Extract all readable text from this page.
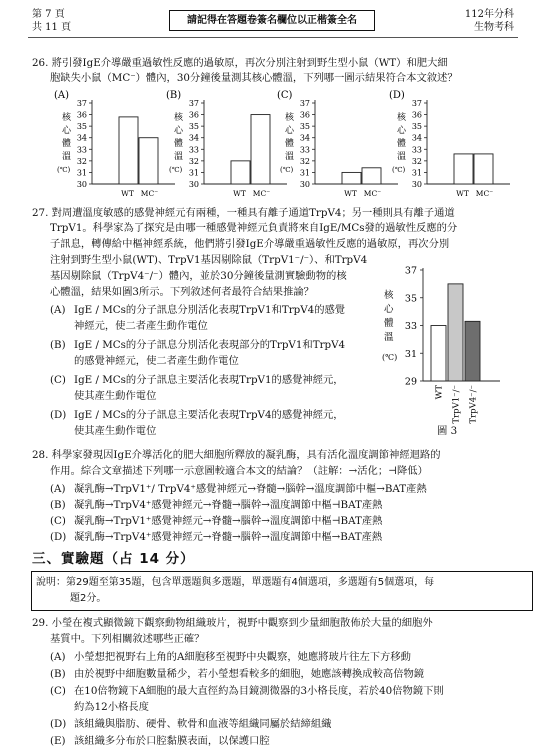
第 7 頁
共 11 頁
請記得在答題卷簽名欄位以正楷簽全名
112年分科
生物考科
26. 將引發IgE介導嚴重過敏性反應的過敏原，再次分別注射到野生型小鼠（WT）和肥大細
胞缺失小鼠（MC⁻）體內，30分鐘後量測其核心體溫，下列哪一圖示結果符合本文敘述？
(A)
核
心
體
溫
(℃)
30
31
32
33
34
35
36
37
WT MC⁻
(B)
核
心
體
溫
(℃)
30
31
32
33
34
35
36
37
WT MC⁻
(C)
核
心
體
溫
(℃)
30
31
32
33
34
35
36
37
WT MC⁻
(D)
核
心
體
溫
(℃)
30
31
32
33
34
35
36
37
WT MC⁻
27. 對周遭溫度敏感的感覺神經元有兩種，一種具有離子通道TrpV4；另一種則具有離子通道
TrpV1。科學家為了探究是由哪一種感覺神經元負責將來自IgE/MCs發的過敏性反應的分
子訊息，轉傳給中樞神經系統，他們將引發IgE介導嚴重過敏性反應的過敏原，再次分別
注射到野生型小鼠(WT)、TrpV1基因剔除鼠（TrpV1⁻/⁻）、和TrpV4
基因剔除鼠（TrpV4⁻/⁻）體內，並於30分鐘後量測實驗動物的核
心體溫，結果如圖3所示。下列敘述何者最符合結果推論？
(A) IgE / MCs的分子訊息分別活化表現TrpV1和TrpV4的感覺
神經元，使二者產生動作電位
(B) IgE / MCs的分子訊息分別活化表現部分的TrpV1和TrpV4
的感覺神經元，使二者產生動作電位
(C) IgE / MCs的分子訊息主要活化表現TrpV1的感覺神經元，
使其產生動作電位
(D) IgE / MCs的分子訊息主要活化表現TrpV4的感覺神經元，
使其產生動作電位
核
心
體
溫
(℃)
29
31
33
35
37
WT TrpV1⁻/⁻ TrpV4⁻/⁻
圖 3
28. 科學家發現因IgE介導活化的肥大細胞所釋放的凝乳酶，具有活化溫度調節神經迴路的
作用。綜合文章描述下列哪一示意圖較適合本文的結論？（註解：→活化；⊣降低）
(A) 凝乳酶→TrpV1⁺/ TrpV4⁺感覺神經元→脊髓→腦幹→溫度調節中樞→BAT產熱
(B) 凝乳酶→TrpV4⁺感覺神經元→脊髓→腦幹→溫度調節中樞⊣BAT產熱
(C) 凝乳酶→TrpV1⁺感覺神經元→脊髓→腦幹→溫度調節中樞⊣BAT產熱
(D) 凝乳酶→TrpV4⁺感覺神經元→脊髓→腦幹→溫度調節中樞→BAT產熱
三、實驗題（占 14 分）
說明：第29題至第35題，包含單選題與多選題，單選題有4個選項，多選題有5個選項，每
題2分。
29. 小瑩在複式顯微鏡下觀察動物組織玻片，視野中觀察到少量細胞散佈於大量的細胞外
基質中。下列相關敘述哪些正確？
(A) 小瑩想把視野右上角的A細胞移至視野中央觀察，她應將玻片往左下方移動
(B) 由於視野中細胞數量稀少，若小瑩想看較多的細胞，她應該轉換成較高倍物鏡
(C) 在10倍物鏡下A細胞的最大直徑約為目鏡測微器的3小格長度，若於40倍物鏡下則
約為12小格長度
(D) 該組織與脂肪、硬骨、軟骨和血液等組織同屬於結締組織
(E) 該組織多分布於口腔黏膜表面，以保護口腔
